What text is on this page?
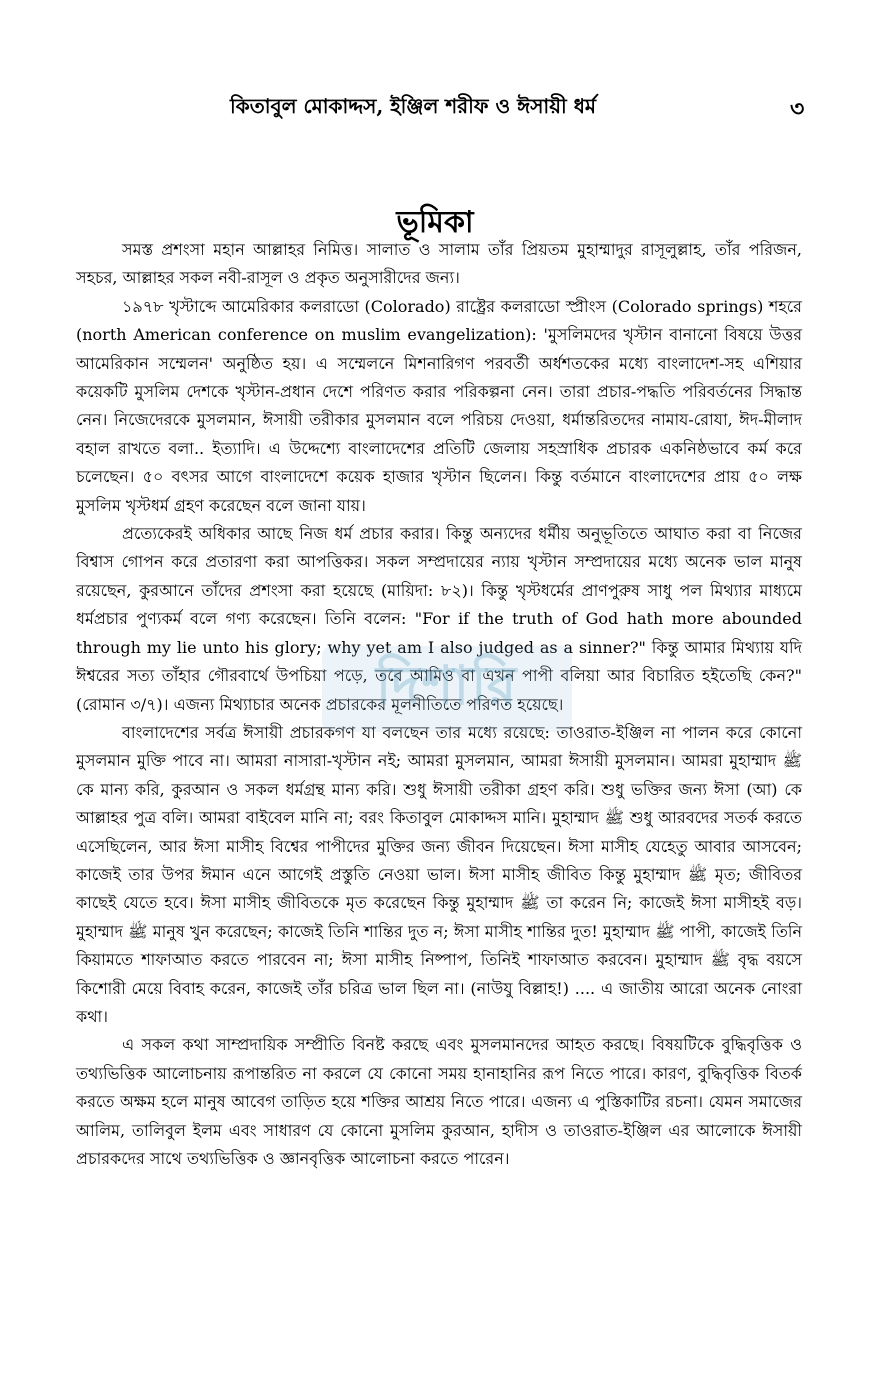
কিতাবুল মোকাদ্দস, ইঞ্জিল শরীফ ও ঈসায়ী ধর্ম	৩
ভূমিকা

সমস্ত প্রশংসা মহান আল্লাহর নিমিত্ত। সালাত ও সালাম তাঁর প্রিয়তম মুহাম্মাদুর রাসূলুল্লাহ, তাঁর পরিজন, সহচর, আল্লাহর সকল নবী-রাসূল ও প্রকৃত অনুসারীদের জন্য।

১৯৭৮ খৃস্টাব্দে আমেরিকার কলরাডো (Colorado) রাষ্ট্রের কলরাডো স্প্রীংস (Colorado springs) শহরে (north American conference on muslim evangelization): 'মুসলিমদের খৃস্টান বানানো বিষয়ে উত্তর আমেরিকান সম্মেলন' অনুষ্ঠিত হয়। এ সম্মেলনে মিশনারিগণ পরবর্তী অর্ধশতকের মধ্যে বাংলাদেশ-সহ এশিয়ার কয়েকটি মুসলিম দেশকে খৃস্টান-প্রধান দেশে পরিণত করার পরিকল্পনা নেন। তারা প্রচার-পদ্ধতি পরিবর্তনের সিদ্ধান্ত নেন। নিজেদেরকে মুসলমান, ঈসায়ী তরীকার মুসলমান বলে পরিচয় দেওয়া, ধর্মান্তরিতদের নামায-রোযা, ঈদ-মীলাদ বহাল রাখতে বলা.. ইত্যাদি। এ উদ্দেশ্যে বাংলাদেশের প্রতিটি জেলায় সহস্রাধিক প্রচারক একনিষ্ঠভাবে কর্ম করে চলেছেন। ৫০ বৎসর আগে বাংলাদেশে কয়েক হাজার খৃস্টান ছিলেন। কিন্তু বর্তমানে বাংলাদেশের প্রায় ৫০ লক্ষ মুসলিম খৃস্টধর্ম গ্রহণ করেছেন বলে জানা যায়।

প্রত্যেকেরই অধিকার আছে নিজ ধর্ম প্রচার করার। কিন্তু অন্যদের ধর্মীয় অনুভূতিতে আঘাত করা বা নিজের বিশ্বাস গোপন করে প্রতারণা করা আপত্তিকর। সকল সম্প্রদায়ের ন্যায় খৃস্টান সম্প্রদায়ের মধ্যে অনেক ভাল মানুষ রয়েছেন, কুরআনে তাঁদের প্রশংসা করা হয়েছে (মায়িদা: ৮২)। কিন্তু খৃস্টধর্মের প্রাণপুরুষ সাধু পল মিথ্যার মাধ্যমে ধর্মপ্রচার পুণ্যকর্ম বলে গণ্য করেছেন। তিনি বলেন: "For if the truth of God hath more abounded through my lie unto his glory; why yet am I also judged as a sinner?" কিন্তু আমার মিথ্যায় যদি ঈশ্বরের সত্য তাঁহার গৌরবার্থে উপচিয়া পড়ে, তবে আমিও বা এখন পাপী বলিয়া আর বিচারিত হইতেছি কেন?" (রোমান ৩/৭)। এজন্য মিথ্যাচার অনেক প্রচারকের মূলনীতিতে পরিণত হয়েছে।

বাংলাদেশের সর্বত্র ঈসায়ী প্রচারকগণ যা বলছেন তার মধ্যে রয়েছে: তাওরাত-ইঞ্জিল না পালন করে কোনো মুসলমান মুক্তি পাবে না। আমরা নাসারা-খৃস্টান নই; আমরা মুসলমান, আমরা ঈসায়ী মুসলমান। আমরা মুহাম্মাদ ﷺ কে মান্য করি, কুরআন ও সকল ধর্মগ্রন্থ মান্য করি। শুধু ঈসায়ী তরীকা গ্রহণ করি। শুধু ভক্তির জন্য ঈসা (আ) কে আল্লাহর পুত্র বলি। আমরা বাইবেল মানি না; বরং কিতাবুল মোকাদ্দস মানি। মুহাম্মাদ ﷺ শুধু আরবদের সতর্ক করতে এসেছিলেন, আর ঈসা মাসীহ বিশ্বের পাপীদের মুক্তির জন্য জীবন দিয়েছেন। ঈসা মাসীহ যেহেতু আবার আসবেন; কাজেই তার উপর ঈমান এনে আগেই প্রস্তুতি নেওয়া ভাল। ঈসা মাসীহ জীবিত কিন্তু মুহাম্মাদ ﷺ মৃত; জীবিতর কাছেই যেতে হবে। ঈসা মাসীহ জীবিতকে মৃত করেছেন কিন্তু মুহাম্মাদ ﷺ তা করেন নি; কাজেই ঈসা মাসীহই বড়। মুহাম্মাদ ﷺ মানুষ খুন করেছেন; কাজেই তিনি শান্তির দুত ন; ঈসা মাসীহ শান্তির দুত! মুহাম্মাদ ﷺ পাপী, কাজেই তিনি কিয়ামতে শাফাআত করতে পারবেন না; ঈসা মাসীহ নিষ্পাপ, তিনিই শাফাআত করবেন। মুহাম্মাদ ﷺ বৃদ্ধ বয়সে কিশোরী মেয়ে বিবাহ করেন, কাজেই তাঁর চরিত্র ভাল ছিল না। (নাউযু বিল্লাহ!) .... এ জাতীয় আরো অনেক নোংরা কথা।

এ সকল কথা সাম্প্রদায়িক সম্প্রীতি বিনষ্ট করছে এবং মুসলমানদের আহত করছে। বিষয়টিকে বুদ্ধিবৃত্তিক ও তথ্যভিত্তিক আলোচনায় রূপান্তরিত না করলে যে কোনো সময় হানাহানির রূপ নিতে পারে। কারণ, বুদ্ধিবৃত্তিক বিতর্ক করতে অক্ষম হলে মানুষ আবেগ তাড়িত হয়ে শক্তির আশ্রয় নিতে পারে। এজন্য এ পুস্তিকাটির রচনা। যেমন সমাজের আলিম, তালিবুল ইলম এবং সাধারণ যে কোনো মুসলিম কুরআন, হাদীস ও তাওরাত-ইঞ্জিল এর আলোকে ঈসায়ী প্রচারকদের সাথে তথ্যভিত্তিক ও জ্ঞানবৃত্তিক আলোচনা করতে পারেন।

দিশারি
